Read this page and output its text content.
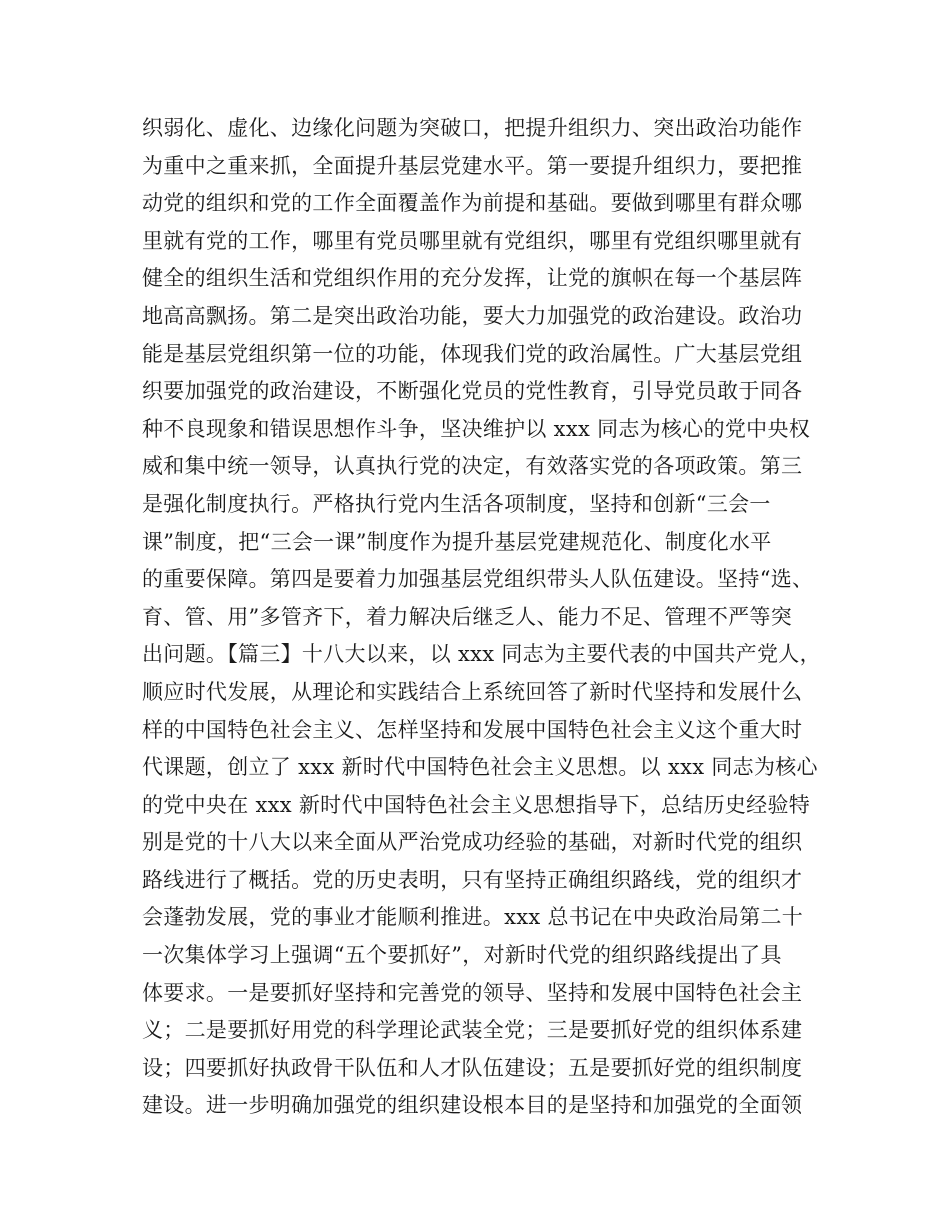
织弱化、虚化、边缘化问题为突破口，把提升组织力、突出政治功能作
为重中之重来抓，全面提升基层党建水平。第一要提升组织力，要把推
动党的组织和党的工作全面覆盖作为前提和基础。要做到哪里有群众哪
里就有党的工作，哪里有党员哪里就有党组织，哪里有党组织哪里就有
健全的组织生活和党组织作用的充分发挥，让党的旗帜在每一个基层阵
地高高飘扬。第二是突出政治功能，要大力加强党的政治建设。政治功
能是基层党组织第一位的功能，体现我们党的政治属性。广大基层党组
织要加强党的政治建设，不断强化党员的党性教育，引导党员敢于同各
种不良现象和错误思想作斗争，坚决维护以 xxx 同志为核心的党中央权
威和集中统一领导，认真执行党的决定，有效落实党的各项政策。第三
是强化制度执行。严格执行党内生活各项制度，坚持和创新“三会一
课”制度，把“三会一课”制度作为提升基层党建规范化、制度化水平
的重要保障。第四是要着力加强基层党组织带头人队伍建设。坚持“选、
育、管、用”多管齐下，着力解决后继乏人、能力不足、管理不严等突
出问题。【篇三】十八大以来，以 xxx 同志为主要代表的中国共产党人，
顺应时代发展，从理论和实践结合上系统回答了新时代坚持和发展什么
样的中国特色社会主义、怎样坚持和发展中国特色社会主义这个重大时
代课题，创立了 xxx 新时代中国特色社会主义思想。以 xxx 同志为核心
的党中央在 xxx 新时代中国特色社会主义思想指导下，总结历史经验特
别是党的十八大以来全面从严治党成功经验的基础，对新时代党的组织
路线进行了概括。党的历史表明，只有坚持正确组织路线，党的组织才
会蓬勃发展，党的事业才能顺利推进。xxx 总书记在中央政治局第二十
一次集体学习上强调“五个要抓好”，对新时代党的组织路线提出了具
体要求。一是要抓好坚持和完善党的领导、坚持和发展中国特色社会主
义；二是要抓好用党的科学理论武装全党；三是要抓好党的组织体系建
设；四要抓好执政骨干队伍和人才队伍建设；五是要抓好党的组织制度
建设。进一步明确加强党的组织建设根本目的是坚持和加强党的全面领
